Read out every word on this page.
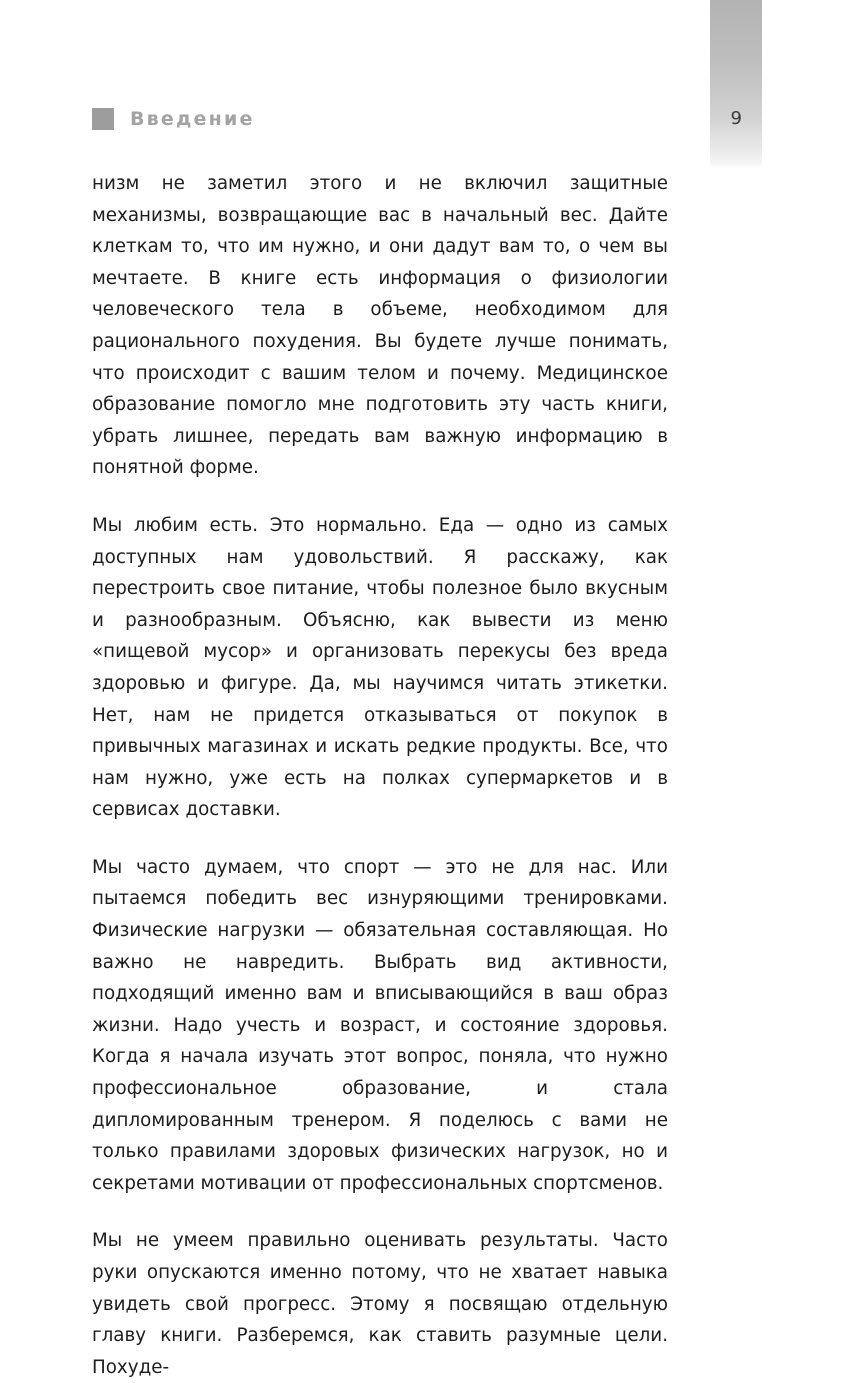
Введение	9

низм не заметил этого и не включил защитные механизмы, возвращающие вас в начальный вес. Дайте клеткам то, что им нужно, и они дадут вам то, о чем вы мечтаете. В книге есть информация о физиологии человеческого тела в объеме, необходимом для рационального похудения. Вы будете лучше понимать, что происходит с вашим телом и почему. Медицинское образование помогло мне подготовить эту часть книги, убрать лишнее, передать вам важную информацию в понятной форме.

Мы любим есть. Это нормально. Еда — одно из самых доступных нам удовольствий. Я расскажу, как перестроить свое питание, чтобы полезное было вкусным и разнообразным. Объясню, как вывести из меню «пищевой мусор» и организовать перекусы без вреда здоровью и фигуре. Да, мы научимся читать этикетки. Нет, нам не придется отказываться от покупок в привычных магазинах и искать редкие продукты. Все, что нам нужно, уже есть на полках супермаркетов и в сервисах доставки.

Мы часто думаем, что спорт — это не для нас. Или пытаемся победить вес изнуряющими тренировками. Физические нагрузки — обязательная составляющая. Но важно не навредить. Выбрать вид активности, подходящий именно вам и вписывающийся в ваш образ жизни. Надо учесть и возраст, и состояние здоровья. Когда я начала изучать этот вопрос, поняла, что нужно профессиональное образование, и стала дипломированным тренером. Я поделюсь с вами не только правилами здоровых физических нагрузок, но и секретами мотивации от профессиональных спортсменов.

Мы не умеем правильно оценивать результаты. Часто руки опускаются именно потому, что не хватает навыка увидеть свой прогресс. Этому я посвящаю отдельную главу книги. Разберемся, как ставить разумные цели. Похуде-
